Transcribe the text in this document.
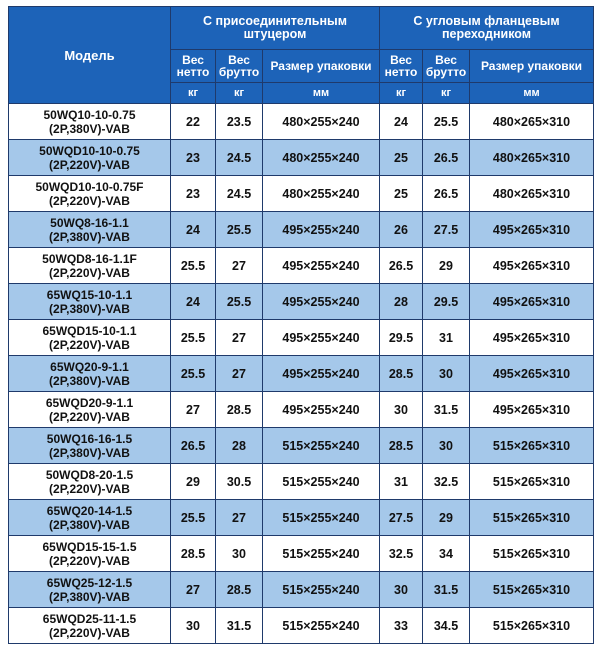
Модель	С присоединительным штуцером			С угловым фланцевым переходником		
	Вес нетто	Вес брутто	Размер упаковки	Вес нетто	Вес брутто	Размер упаковки
	кг	кг	мм	кг	кг	мм

50WQ10-10-0.75
(2P,380V)-VAB	22	23.5	480×255×240	24	25.5	480×265×310

50WQD10-10-0.75
(2P,220V)-VAB	23	24.5	480×255×240	25	26.5	480×265×310

50WQD10-10-0.75F
(2P,220V)-VAB	23	24.5	480×255×240	25	26.5	480×265×310

50WQ8-16-1.1
(2P,380V)-VAB	24	25.5	495×255×240	26	27.5	495×265×310

50WQD8-16-1.1F
(2P,220V)-VAB	25.5	27	495×255×240	26.5	29	495×265×310

65WQ15-10-1.1
(2P,380V)-VAB	24	25.5	495×255×240	28	29.5	495×265×310

65WQD15-10-1.1
(2P,220V)-VAB	25.5	27	495×255×240	29.5	31	495×265×310

65WQ20-9-1.1
(2P,380V)-VAB	25.5	27	495×255×240	28.5	30	495×265×310

65WQD20-9-1.1
(2P,220V)-VAB	27	28.5	495×255×240	30	31.5	495×265×310

50WQ16-16-1.5
(2P,380V)-VAB	26.5	28	515×255×240	28.5	30	515×265×310

50WQD8-20-1.5
(2P,220V)-VAB	29	30.5	515×255×240	31	32.5	515×265×310

65WQ20-14-1.5
(2P,380V)-VAB	25.5	27	515×255×240	27.5	29	515×265×310

65WQD15-15-1.5
(2P,220V)-VAB	28.5	30	515×255×240	32.5	34	515×265×310

65WQ25-12-1.5
(2P,380V)-VAB	27	28.5	515×255×240	30	31.5	515×265×310

65WQD25-11-1.5
(2P,220V)-VAB	30	31.5	515×255×240	33	34.5	515×265×310
